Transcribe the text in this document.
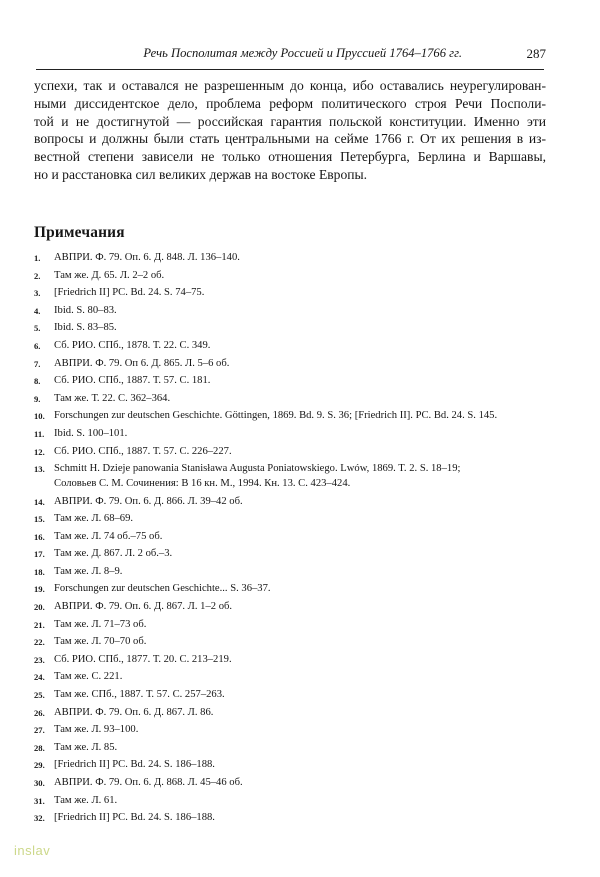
Речь Посполитая между Россией и Пруссией 1764–1766 гг.	287

успехи, так и оставался не разрешенным до конца, ибо оставались неурегулирован-
ными диссидентское дело, проблема реформ политического строя Речи Посполи-
той и не достигнутой — российская гарантия польской конституции. Именно эти
вопросы и должны были стать центральными на сейме 1766 г. От их решения в из-
вестной степени зависели не только отношения Петербурга, Берлина и Варшавы,
но и расстановка сил великих держав на востоке Европы.

Примечания
1.	АВПРИ. Ф. 79. Оп. 6. Д. 848. Л. 136–140.
2.	Там же. Д. 65. Л. 2–2 об.
3.	[Friedrich II] PC. Bd. 24. S. 74–75.
4.	Ibid. S. 80–83.
5.	Ibid. S. 83–85.
6.	Сб. РИО. СПб., 1878. Т. 22. С. 349.
7.	АВПРИ. Ф. 79. Оп 6. Д. 865. Л. 5–6 об.
8.	Сб. РИО. СПб., 1887. Т. 57. С. 181.
9.	Там же. Т. 22. С. 362–364.
10. Forschungen zur deutschen Geschichte. Göttingen, 1869. Bd. 9. S. 36; [Friedrich II]. PC. Bd. 24. S. 145.
11. Ibid. S. 100–101.
12. Сб. РИО. СПб., 1887. Т. 57. С. 226–227.
13. Schmitt H. Dzieje panowania Stanisława Augusta Poniatowskiego. Lwów, 1869. T. 2. S. 18–19;
Соловьев С. М. Сочинения: В 16 кн. М., 1994. Кн. 13. С. 423–424.
14. АВПРИ. Ф. 79. Оп. 6. Д. 866. Л. 39–42 об.
15. Там же. Л. 68–69.
16. Там же. Л. 74 об.–75 об.
17. Там же. Д. 867. Л. 2 об.–3.
18. Там же. Л. 8–9.
19. Forschungen zur deutschen Geschichte... S. 36–37.
20. АВПРИ. Ф. 79. Оп. 6. Д. 867. Л. 1–2 об.
21. Там же. Л. 71–73 об.
22. Там же. Л. 70–70 об.
23. Сб. РИО. СПб., 1877. Т. 20. С. 213–219.
24. Там же. С. 221.
25. Там же. СПб., 1887. Т. 57. С. 257–263.
26. АВПРИ. Ф. 79. Оп. 6. Д. 867. Л. 86.
27. Там же. Л. 93–100.
28. Там же. Л. 85.
29. [Friedrich II] PC. Bd. 24. S. 186–188.
30. АВПРИ. Ф. 79. Оп. 6. Д. 868. Л. 45–46 об.
31. Там же. Л. 61.
32. [Friedrich II] PC. Bd. 24. S. 186–188.
inslav
